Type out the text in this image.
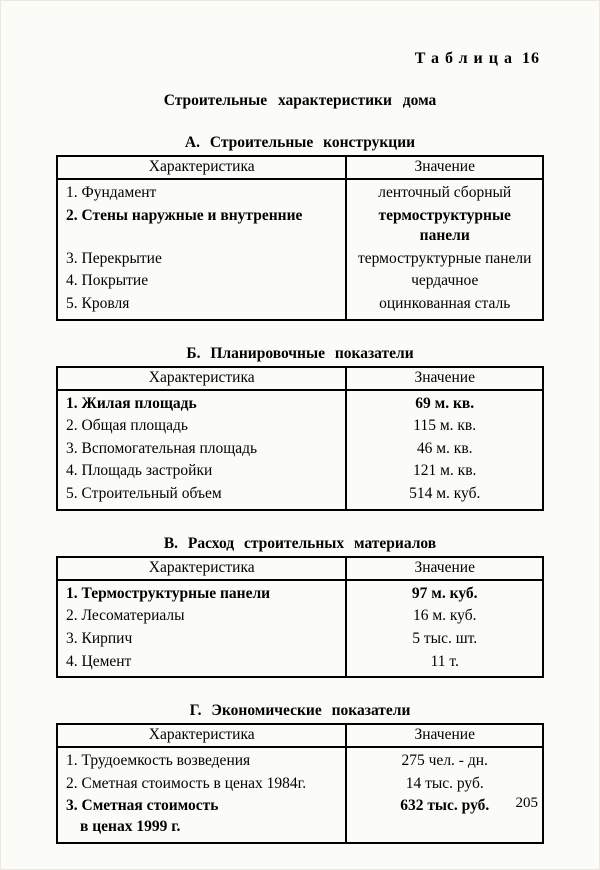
Таблица 16
Строительные характеристики дома
А. Строительные конструкции
Характеристика	Значение
1. Фундамент	ленточный сборный
2. Стены наружные и внутренние	термоструктурные панели
3. Перекрытие	термоструктурные панели
4. Покрытие	чердачное
5. Кровля	оцинкованная сталь
Б. Планировочные показатели
Характеристика	Значение
1. Жилая площадь	69 м. кв.
2. Общая площадь	115 м. кв.
3. Вспомогательная площадь	46 м. кв.
4. Площадь застройки	121 м. кв.
5. Строительный объем	514 м. куб.
В. Расход строительных материалов
Характеристика	Значение
1. Термоструктурные панели	97 м. куб.
2. Лесоматериалы	16 м. куб.
3. Кирпич	5 тыс. шт.
4. Цемент	11 т.
Г. Экономические показатели
Характеристика	Значение
1. Трудоемкость возведения	275 чел. - дн.
2. Сметная стоимость в ценах 1984г.	14 тыс. руб.

3. Сметная стоимость
в ценах 1999 г.	632 тыс. руб. 205
